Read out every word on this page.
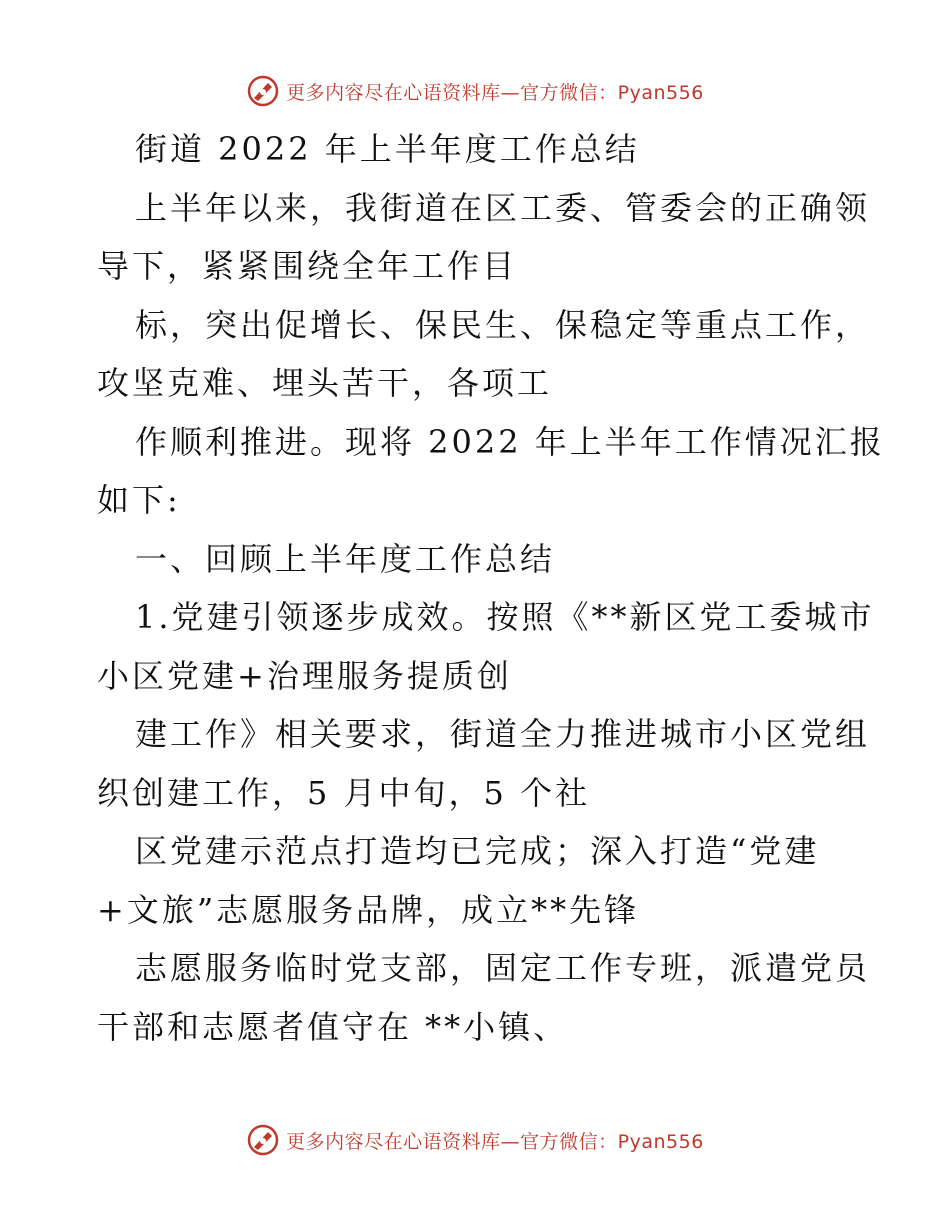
更多内容尽在心语资料库—官方微信：Pyan556
街道 2022 年上半年度工作总结
上半年以来，我街道在区工委、管委会的正确领
导下，紧紧围绕全年工作目
标，突出促增长、保民生、保稳定等重点工作，
攻坚克难、埋头苦干，各项工
作顺利推进。现将 2022 年上半年工作情况汇报
如下:
一、回顾上半年度工作总结
1.党建引领逐步成效。按照《**新区党工委城市
小区党建+治理服务提质创
建工作》相关要求，街道全力推进城市小区党组
织创建工作，5 月中旬，5 个社
区党建示范点打造均已完成；深入打造“党建
+文旅”志愿服务品牌，成立**先锋
志愿服务临时党支部，固定工作专班，派遣党员
干部和志愿者值守在 **小镇、
更多内容尽在心语资料库—官方微信：Pyan556
